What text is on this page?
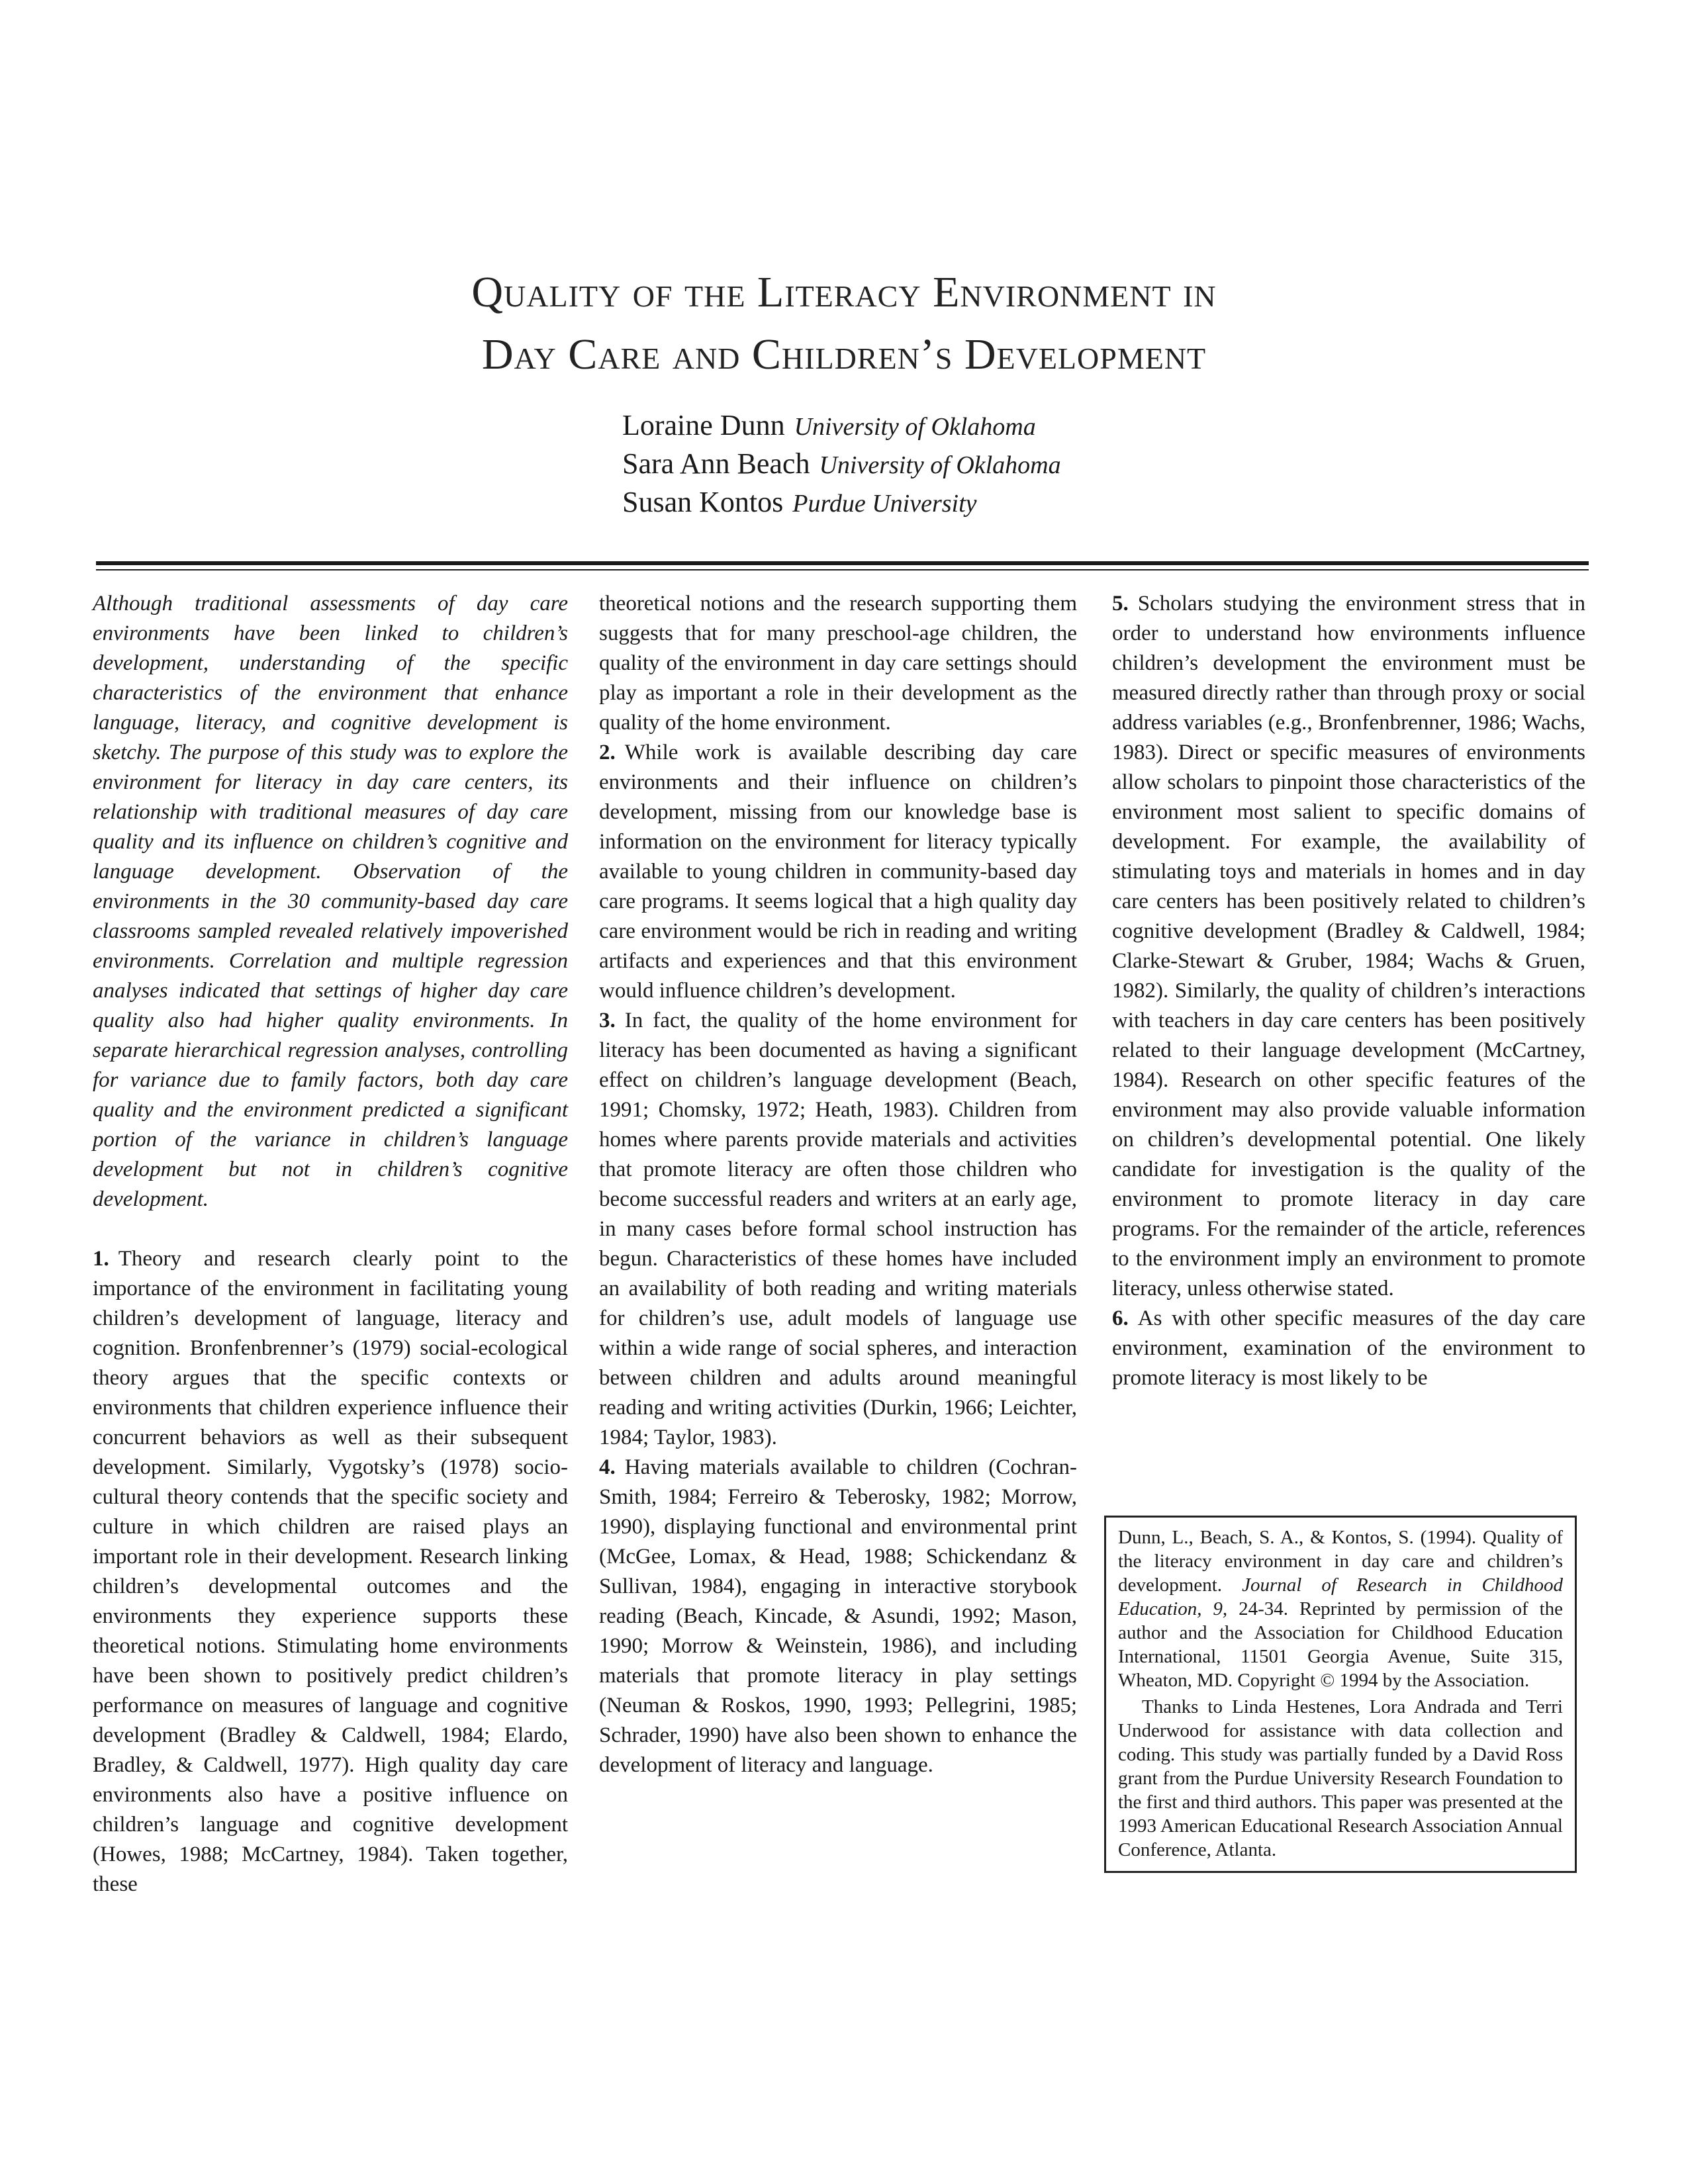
Quality of the Literacy Environment in
Day Care and Children’s Development
Loraine Dunn University of Oklahoma
Sara Ann Beach University of Oklahoma
Susan Kontos Purdue University

Although traditional assessments of day care environments have been linked to children’s development, understanding of the specific characteristics of the environment that enhance language, literacy, and cognitive development is sketchy. The purpose of this study was to explore the environment for literacy in day care centers, its relationship with traditional measures of day care quality and its influence on children’s cognitive and language development. Observation of the environments in the 30 community-based day care classrooms sampled revealed relatively impoverished environments. Correlation and multiple regression analyses indicated that settings of higher day care quality also had higher quality environments. In separate hierarchical regression analyses, controlling for variance due to family factors, both day care quality and the environment predicted a significant portion of the variance in children’s language development but not in children’s cognitive development.

1. Theory and research clearly point to the importance of the environment in facilitating young children’s development of language, literacy and cognition. Bronfenbrenner’s (1979) social-ecological theory argues that the specific contexts or environments that children experience influence their concurrent behaviors as well as their subsequent development. Similarly, Vygotsky’s (1978) socio-cultural theory contends that the specific society and culture in which children are raised plays an important role in their development. Research linking children’s developmental outcomes and the environments they experience supports these theoretical notions. Stimulating home environments have been shown to positively predict children’s performance on measures of language and cognitive development (Bradley & Caldwell, 1984; Elardo, Bradley, & Caldwell, 1977). High quality day care environments also have a positive influence on children’s language and cognitive development (Howes, 1988; McCartney, 1984). Taken together, these

theoretical notions and the research supporting them suggests that for many preschool-age children, the quality of the environment in day care settings should play as important a role in their development as the quality of the home environment.

2. While work is available describing day care environments and their influence on children’s development, missing from our knowledge base is information on the environment for literacy typically available to young children in community-based day care programs. It seems logical that a high quality day care environment would be rich in reading and writing artifacts and experiences and that this environment would influence children’s development.

3. In fact, the quality of the home environment for literacy has been documented as having a significant effect on children’s language development (Beach, 1991; Chomsky, 1972; Heath, 1983). Children from homes where parents provide materials and activities that promote literacy are often those children who become successful readers and writers at an early age, in many cases before formal school instruction has begun. Characteristics of these homes have included an availability of both reading and writing materials for children’s use, adult models of language use within a wide range of social spheres, and interaction between children and adults around meaningful reading and writing activities (Durkin, 1966; Leichter, 1984; Taylor, 1983).

4. Having materials available to children (Cochran-Smith, 1984; Ferreiro & Teberosky, 1982; Morrow, 1990), displaying functional and environmental print (McGee, Lomax, & Head, 1988; Schickendanz & Sullivan, 1984), engaging in interactive storybook reading (Beach, Kincade, & Asundi, 1992; Mason, 1990; Morrow & Weinstein, 1986), and including materials that promote literacy in play settings (Neuman & Roskos, 1990, 1993; Pellegrini, 1985; Schrader, 1990) have also been shown to enhance the development of literacy and language.

5. Scholars studying the environment stress that in order to understand how environments influence children’s development the environment must be measured directly rather than through proxy or social address variables (e.g., Bronfenbrenner, 1986; Wachs, 1983). Direct or specific measures of environments allow scholars to pinpoint those characteristics of the environment most salient to specific domains of development. For example, the availability of stimulating toys and materials in homes and in day care centers has been positively related to children’s cognitive development (Bradley & Caldwell, 1984; Clarke-Stewart & Gruber, 1984; Wachs & Gruen, 1982). Similarly, the quality of children’s interactions with teachers in day care centers has been positively related to their language development (McCartney, 1984). Research on other specific features of the environment may also provide valuable information on children’s developmental potential. One likely candidate for investigation is the quality of the environment to promote literacy in day care programs. For the remainder of the article, references to the environment imply an environment to promote literacy, unless otherwise stated.

6. As with other specific measures of the day care environment, examination of the environment to promote literacy is most likely to be

Dunn, L., Beach, S. A., & Kontos, S. (1994). Quality of the literacy environment in day care and children’s development. Journal of Research in Childhood Education, 9, 24-34. Reprinted by permission of the author and the Association for Childhood Education International, 11501 Georgia Avenue, Suite 315, Wheaton, MD. Copyright © 1994 by the Association.

Thanks to Linda Hestenes, Lora Andrada and Terri Underwood for assistance with data collection and coding. This study was partially funded by a David Ross grant from the Purdue University Research Foundation to the first and third authors. This paper was presented at the 1993 American Educational Research Association Annual Conference, Atlanta.
